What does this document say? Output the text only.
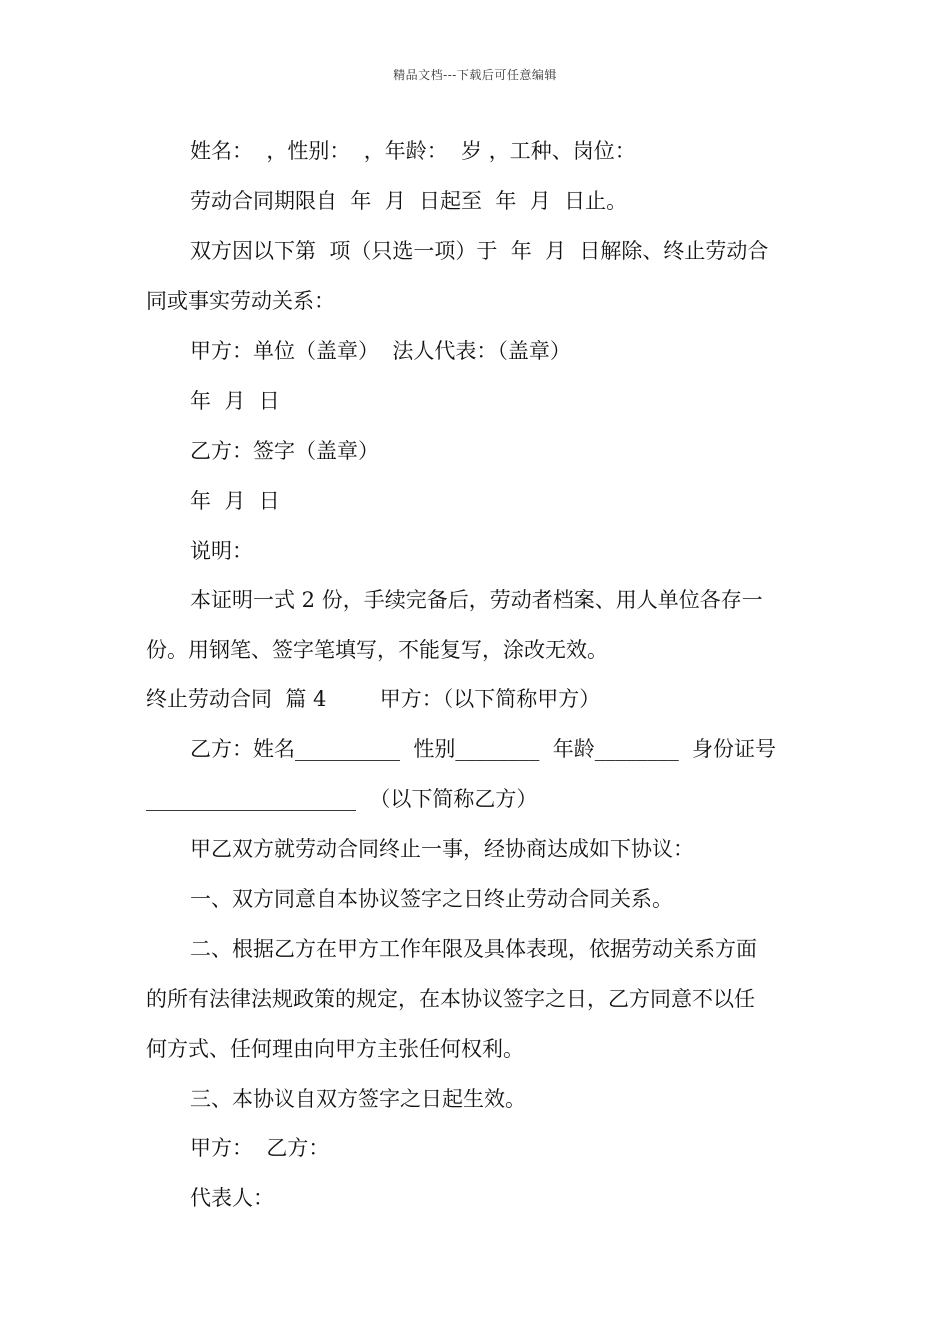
精品文档---下载后可任意编辑
姓名：  ，性别：  ，年龄：  岁 ，工种、岗位：
劳动合同期限自  年  月  日起至  年  月  日止。
双方因以下第  项（只选一项）于  年  月  日解除、终止劳动合
同或事实劳动关系：
甲方：单位（盖章）  法人代表：（盖章）
年  月  日
乙方：签字（盖章）
年  月  日
说明：
本证明一式 2 份，手续完备后，劳动者档案、用人单位各存一
份。用钢笔、签字笔填写，不能复写，涂改无效。
终止劳动合同  篇 4        甲方：（以下简称甲方）
乙方：姓名__________  性别________  年龄________  身份证号
____________________  （以下简称乙方）
甲乙双方就劳动合同终止一事，经协商达成如下协议：
一、双方同意自本协议签字之日终止劳动合同关系。
二、根据乙方在甲方工作年限及具体表现，依据劳动关系方面
的所有法律法规政策的规定，在本协议签字之日，乙方同意不以任
何方式、任何理由向甲方主张任何权利。
三、本协议自双方签字之日起生效。
甲方：  乙方：
代表人：
